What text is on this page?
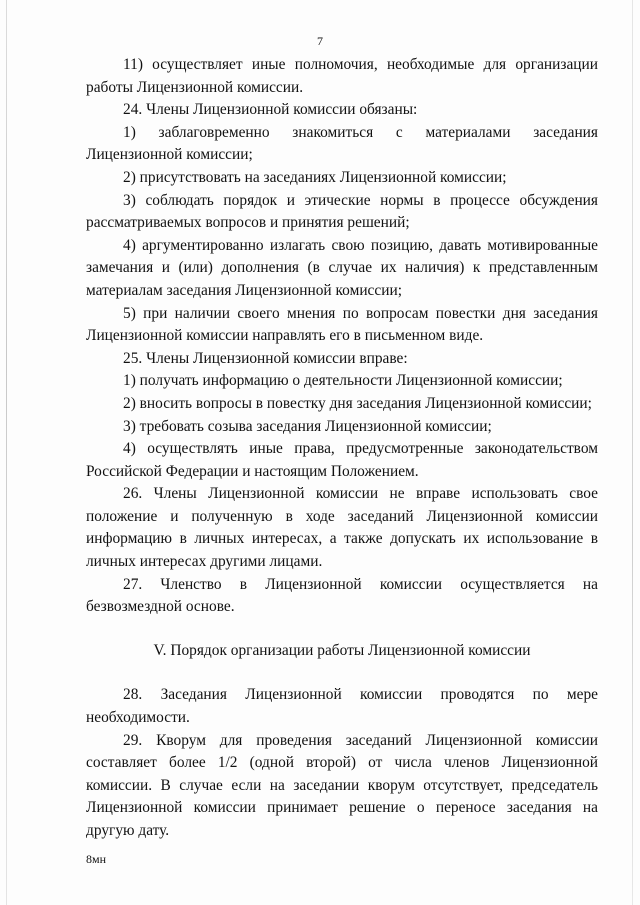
7

11) осуществляет иные полномочия, необходимые для организации работы Лицензионной комиссии.

24. Члены Лицензионной комиссии обязаны:

1) заблаговременно знакомиться с материалами заседания Лицензионной комиссии;

2) присутствовать на заседаниях Лицензионной комиссии;

3) соблюдать порядок и этические нормы в процессе обсуждения рассматриваемых вопросов и принятия решений;

4) аргументированно излагать свою позицию, давать мотивированные замечания и (или) дополнения (в случае их наличия) к представленным материалам заседания Лицензионной комиссии;

5) при наличии своего мнения по вопросам повестки дня заседания Лицензионной комиссии направлять его в письменном виде.

25. Члены Лицензионной комиссии вправе:

1) получать информацию о деятельности Лицензионной комиссии;

2) вносить вопросы в повестку дня заседания Лицензионной комиссии;

3) требовать созыва заседания Лицензионной комиссии;

4) осуществлять иные права, предусмотренные законодательством Российской Федерации и настоящим Положением.

26. Члены Лицензионной комиссии не вправе использовать свое положение и полученную в ходе заседаний Лицензионной комиссии информацию в личных интересах, а также допускать их использование в личных интересах другими лицами.

27. Членство в Лицензионной комиссии осуществляется на безвозмездной основе.

V. Порядок организации работы Лицензионной комиссии

28. Заседания Лицензионной комиссии проводятся по мере необходимости.

29. Кворум для проведения заседаний Лицензионной комиссии составляет более 1/2 (одной второй) от числа членов Лицензионной комиссии. В случае если на заседании кворум отсутствует, председатель Лицензионной комиссии принимает решение о переносе заседания на другую дату.

8мн
